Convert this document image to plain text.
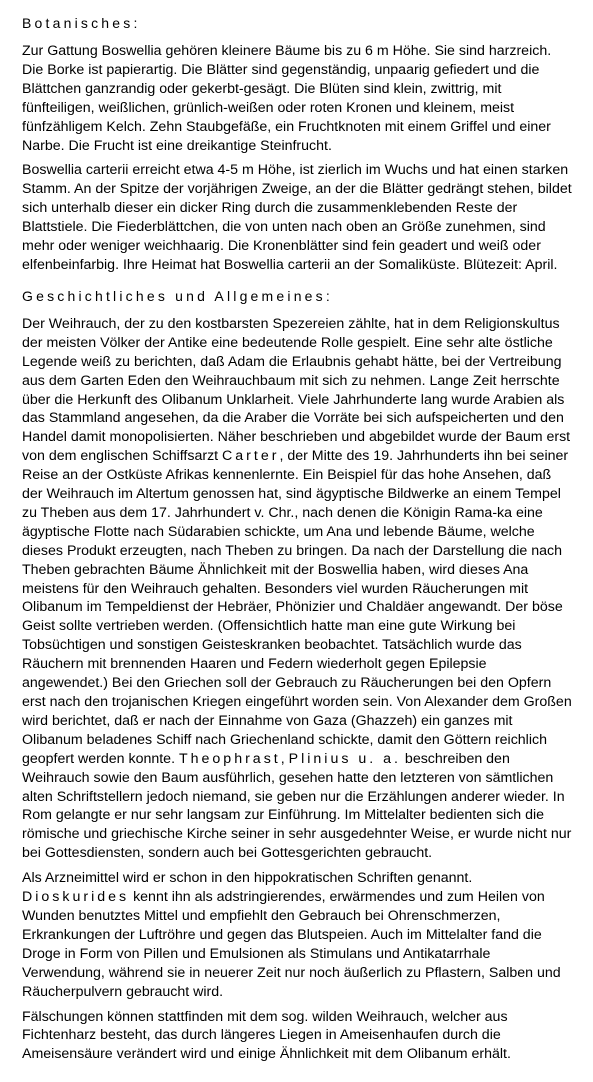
Botanisches:

Zur Gattung Boswellia gehören kleinere Bäume bis zu 6 m Höhe. Sie sind harzreich. Die Borke ist papierartig. Die Blätter sind gegenständig, unpaarig gefiedert und die Blättchen ganzrandig oder gekerbt-gesägt. Die Blüten sind klein, zwittrig, mit fünfteiligen, weißlichen, grünlich-weißen oder roten Kronen und kleinem, meist fünfzähligem Kelch. Zehn Staubgefäße, ein Fruchtknoten mit einem Griffel und einer Narbe. Die Frucht ist eine dreikantige Steinfrucht.

Boswellia carterii erreicht etwa 4-5 m Höhe, ist zierlich im Wuchs und hat einen starken Stamm. An der Spitze der vorjährigen Zweige, an der die Blätter gedrängt stehen, bildet sich unterhalb dieser ein dicker Ring durch die zusammenklebenden Reste der Blattstiele. Die Fiederblättchen, die von unten nach oben an Größe zunehmen, sind mehr oder weniger weichhaarig. Die Kronenblätter sind fein geadert und weiß oder elfenbeinfarbig. Ihre Heimat hat Boswellia carterii an der Somaliküste. Blütezeit: April.

Geschichtliches und Allgemeines:

Der Weihrauch, der zu den kostbarsten Spezereien zählte, hat in dem Religionskultus der meisten Völker der Antike eine bedeutende Rolle gespielt. Eine sehr alte östliche Legende weiß zu berichten, daß Adam die Erlaubnis gehabt hätte, bei der Vertreibung aus dem Garten Eden den Weihrauchbaum mit sich zu nehmen. Lange Zeit herrschte über die Herkunft des Olibanum Unklarheit. Viele Jahrhunderte lang wurde Arabien als das Stammland angesehen, da die Araber die Vorräte bei sich aufspeicherten und den Handel damit monopolisierten. Näher beschrieben und abgebildet wurde der Baum erst von dem englischen Schiffsarzt Carter, der Mitte des 19. Jahrhunderts ihn bei seiner Reise an der Ostküste Afrikas kennenlernte. Ein Beispiel für das hohe Ansehen, daß der Weihrauch im Altertum genossen hat, sind ägyptische Bildwerke an einem Tempel zu Theben aus dem 17. Jahrhundert v. Chr., nach denen die Königin Rama-ka eine ägyptische Flotte nach Südarabien schickte, um Ana und lebende Bäume, welche dieses Produkt erzeugten, nach Theben zu bringen. Da nach der Darstellung die nach Theben gebrachten Bäume Ähnlichkeit mit der Boswellia haben, wird dieses Ana meistens für den Weihrauch gehalten. Besonders viel wurden Räucherungen mit Olibanum im Tempeldienst der Hebräer, Phönizier und Chaldäer angewandt. Der böse Geist sollte vertrieben werden. (Offensichtlich hatte man eine gute Wirkung bei Tobsüchtigen und sonstigen Geisteskranken beobachtet. Tatsächlich wurde das Räuchern mit brennenden Haaren und Federn wiederholt gegen Epilepsie angewendet.) Bei den Griechen soll der Gebrauch zu Räucherungen bei den Opfern erst nach den trojanischen Kriegen eingeführt worden sein. Von Alexander dem Großen wird berichtet, daß er nach der Einnahme von Gaza (Ghazzeh) ein ganzes mit Olibanum beladenes Schiff nach Griechenland schickte, damit den Göttern reichlich geopfert werden konnte. Theophrast, Plinius u. a. beschreiben den Weihrauch sowie den Baum ausführlich, gesehen hatte den letzteren von sämtlichen alten Schriftstellern jedoch niemand, sie geben nur die Erzählungen anderer wieder. In Rom gelangte er nur sehr langsam zur Einführung. Im Mittelalter bedienten sich die römische und griechische Kirche seiner in sehr ausgedehnter Weise, er wurde nicht nur bei Gottesdiensten, sondern auch bei Gottesgerichten gebraucht.

Als Arzneimittel wird er schon in den hippokratischen Schriften genannt. Dioskurides kennt ihn als adstringierendes, erwärmendes und zum Heilen von Wunden benutztes Mittel und empfiehlt den Gebrauch bei Ohrenschmerzen, Erkrankungen der Luftröhre und gegen das Blutspeien. Auch im Mittelalter fand die Droge in Form von Pillen und Emulsionen als Stimulans und Antikatarrhale Verwendung, während sie in neuerer Zeit nur noch äußerlich zu Pflastern, Salben und Räucherpulvern gebraucht wird.

Fälschungen können stattfinden mit dem sog. wilden Weihrauch, welcher aus Fichtenharz besteht, das durch längeres Liegen in Ameisenhaufen durch die Ameisensäure verändert wird und einige Ähnlichkeit mit dem Olibanum erhält.
